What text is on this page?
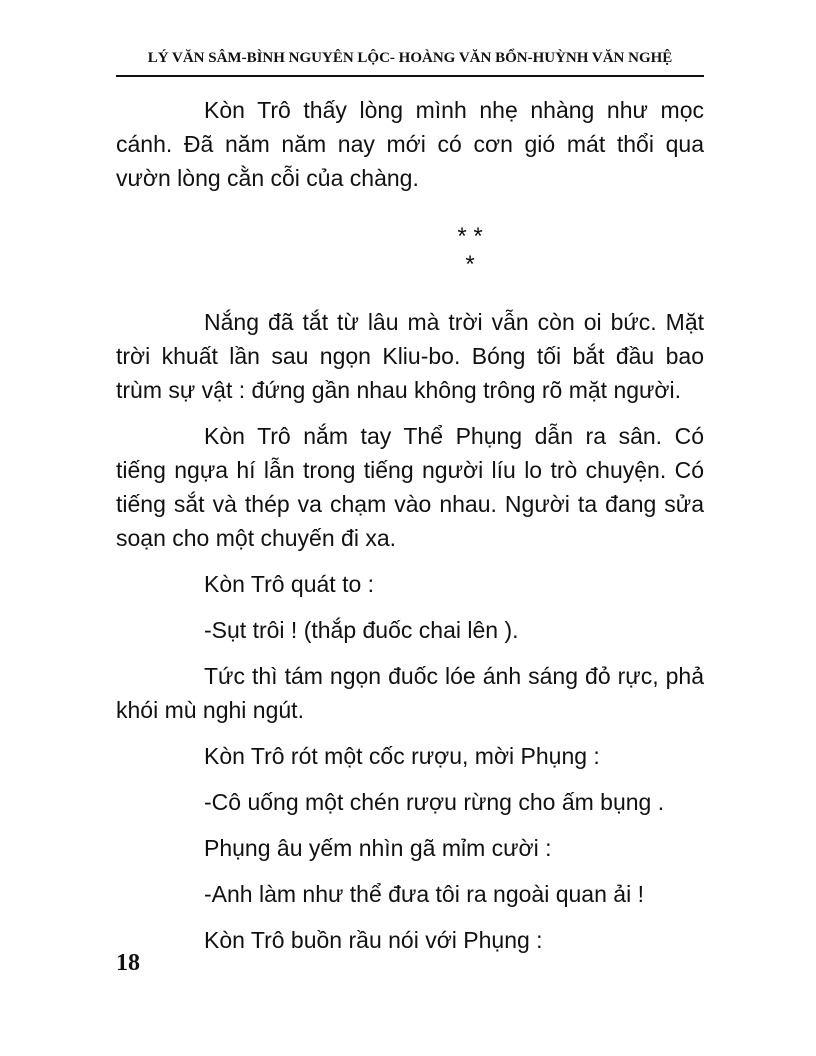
LÝ VĂN SÂM-BÌNH NGUYÊN LỘC- HOÀNG VĂN BỔN-HUỲNH VĂN NGHỆ

Kòn Trô thấy lòng mình nhẹ nhàng như mọc cánh. Đã năm năm nay mới có cơn gió mát thổi qua vườn lòng cằn cỗi của chàng.

* *
*

Nắng đã tắt từ lâu mà trời vẫn còn oi bức. Mặt trời khuất lần sau ngọn Kliu-bo. Bóng tối bắt đầu bao trùm sự vật : đứng gần nhau không trông rõ mặt người.

Kòn Trô nắm tay Thể Phụng dẫn ra sân. Có tiếng ngựa hí lẫn trong tiếng người líu lo trò chuyện. Có tiếng sắt và thép va chạm vào nhau. Người ta đang sửa soạn cho một chuyến đi xa.

Kòn Trô quát to :

-Sụt trôi ! (thắp đuốc chai lên ).

Tức thì tám ngọn đuốc lóe ánh sáng đỏ rực, phả khói mù nghi ngút.

Kòn Trô rót một cốc rượu, mời Phụng :

-Cô uống một chén rượu rừng cho ấm bụng .

Phụng âu yếm nhìn gã mỉm cười :

-Anh làm như thể đưa tôi ra ngoài quan ải !

Kòn Trô buồn rầu nói với Phụng :

18
